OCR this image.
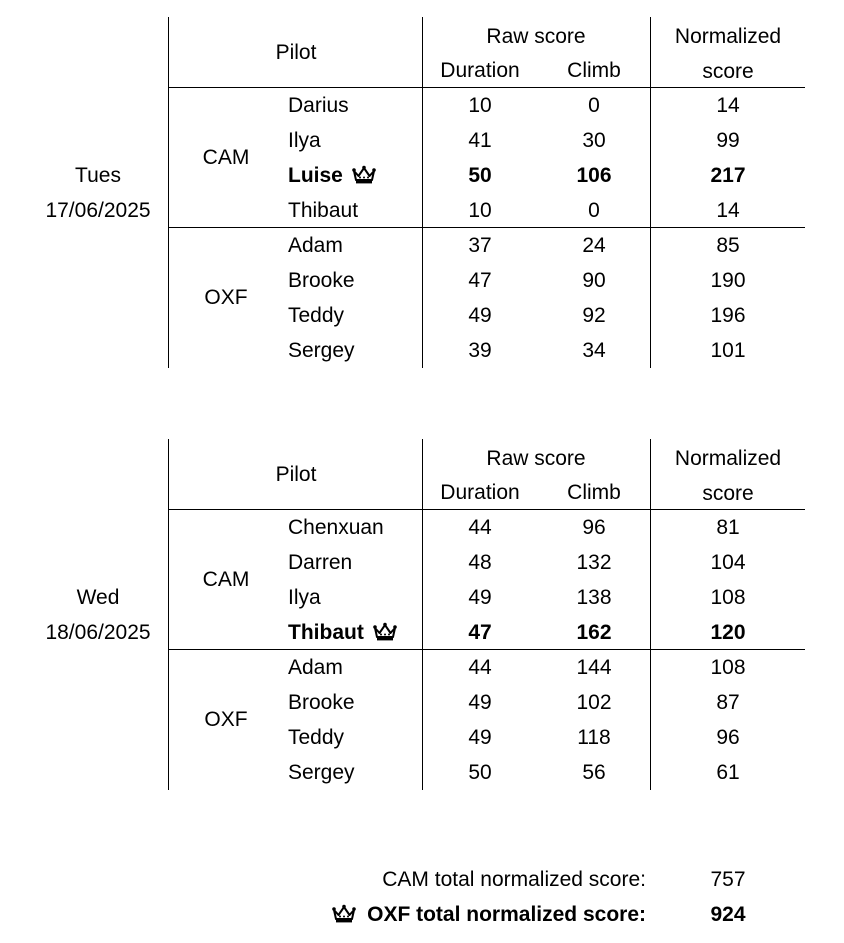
Pilot
Raw score
Duration Climb
Normalized
score
Tues
17/06/2025
CAM
Darius	10	0	14
Ilya	41	30	99
Luise	50	106	217
Thibaut	10	0	14
OXF
Adam	37	24	85
Brooke	47	90	190
Teddy	49	92	196
Sergey	39	34	101
Pilot
Raw score
Duration Climb
Normalized
score
Wed
18/06/2025
CAM
Chenxuan	44	96	81
Darren	48	132	104
Ilya	49	138	108
Thibaut	47	162	120
OXF
Adam	44	144	108
Brooke	49	102	87
Teddy	49	118	96
Sergey	50	56	61
CAM total normalized score:	757
OXF total normalized score:	924
